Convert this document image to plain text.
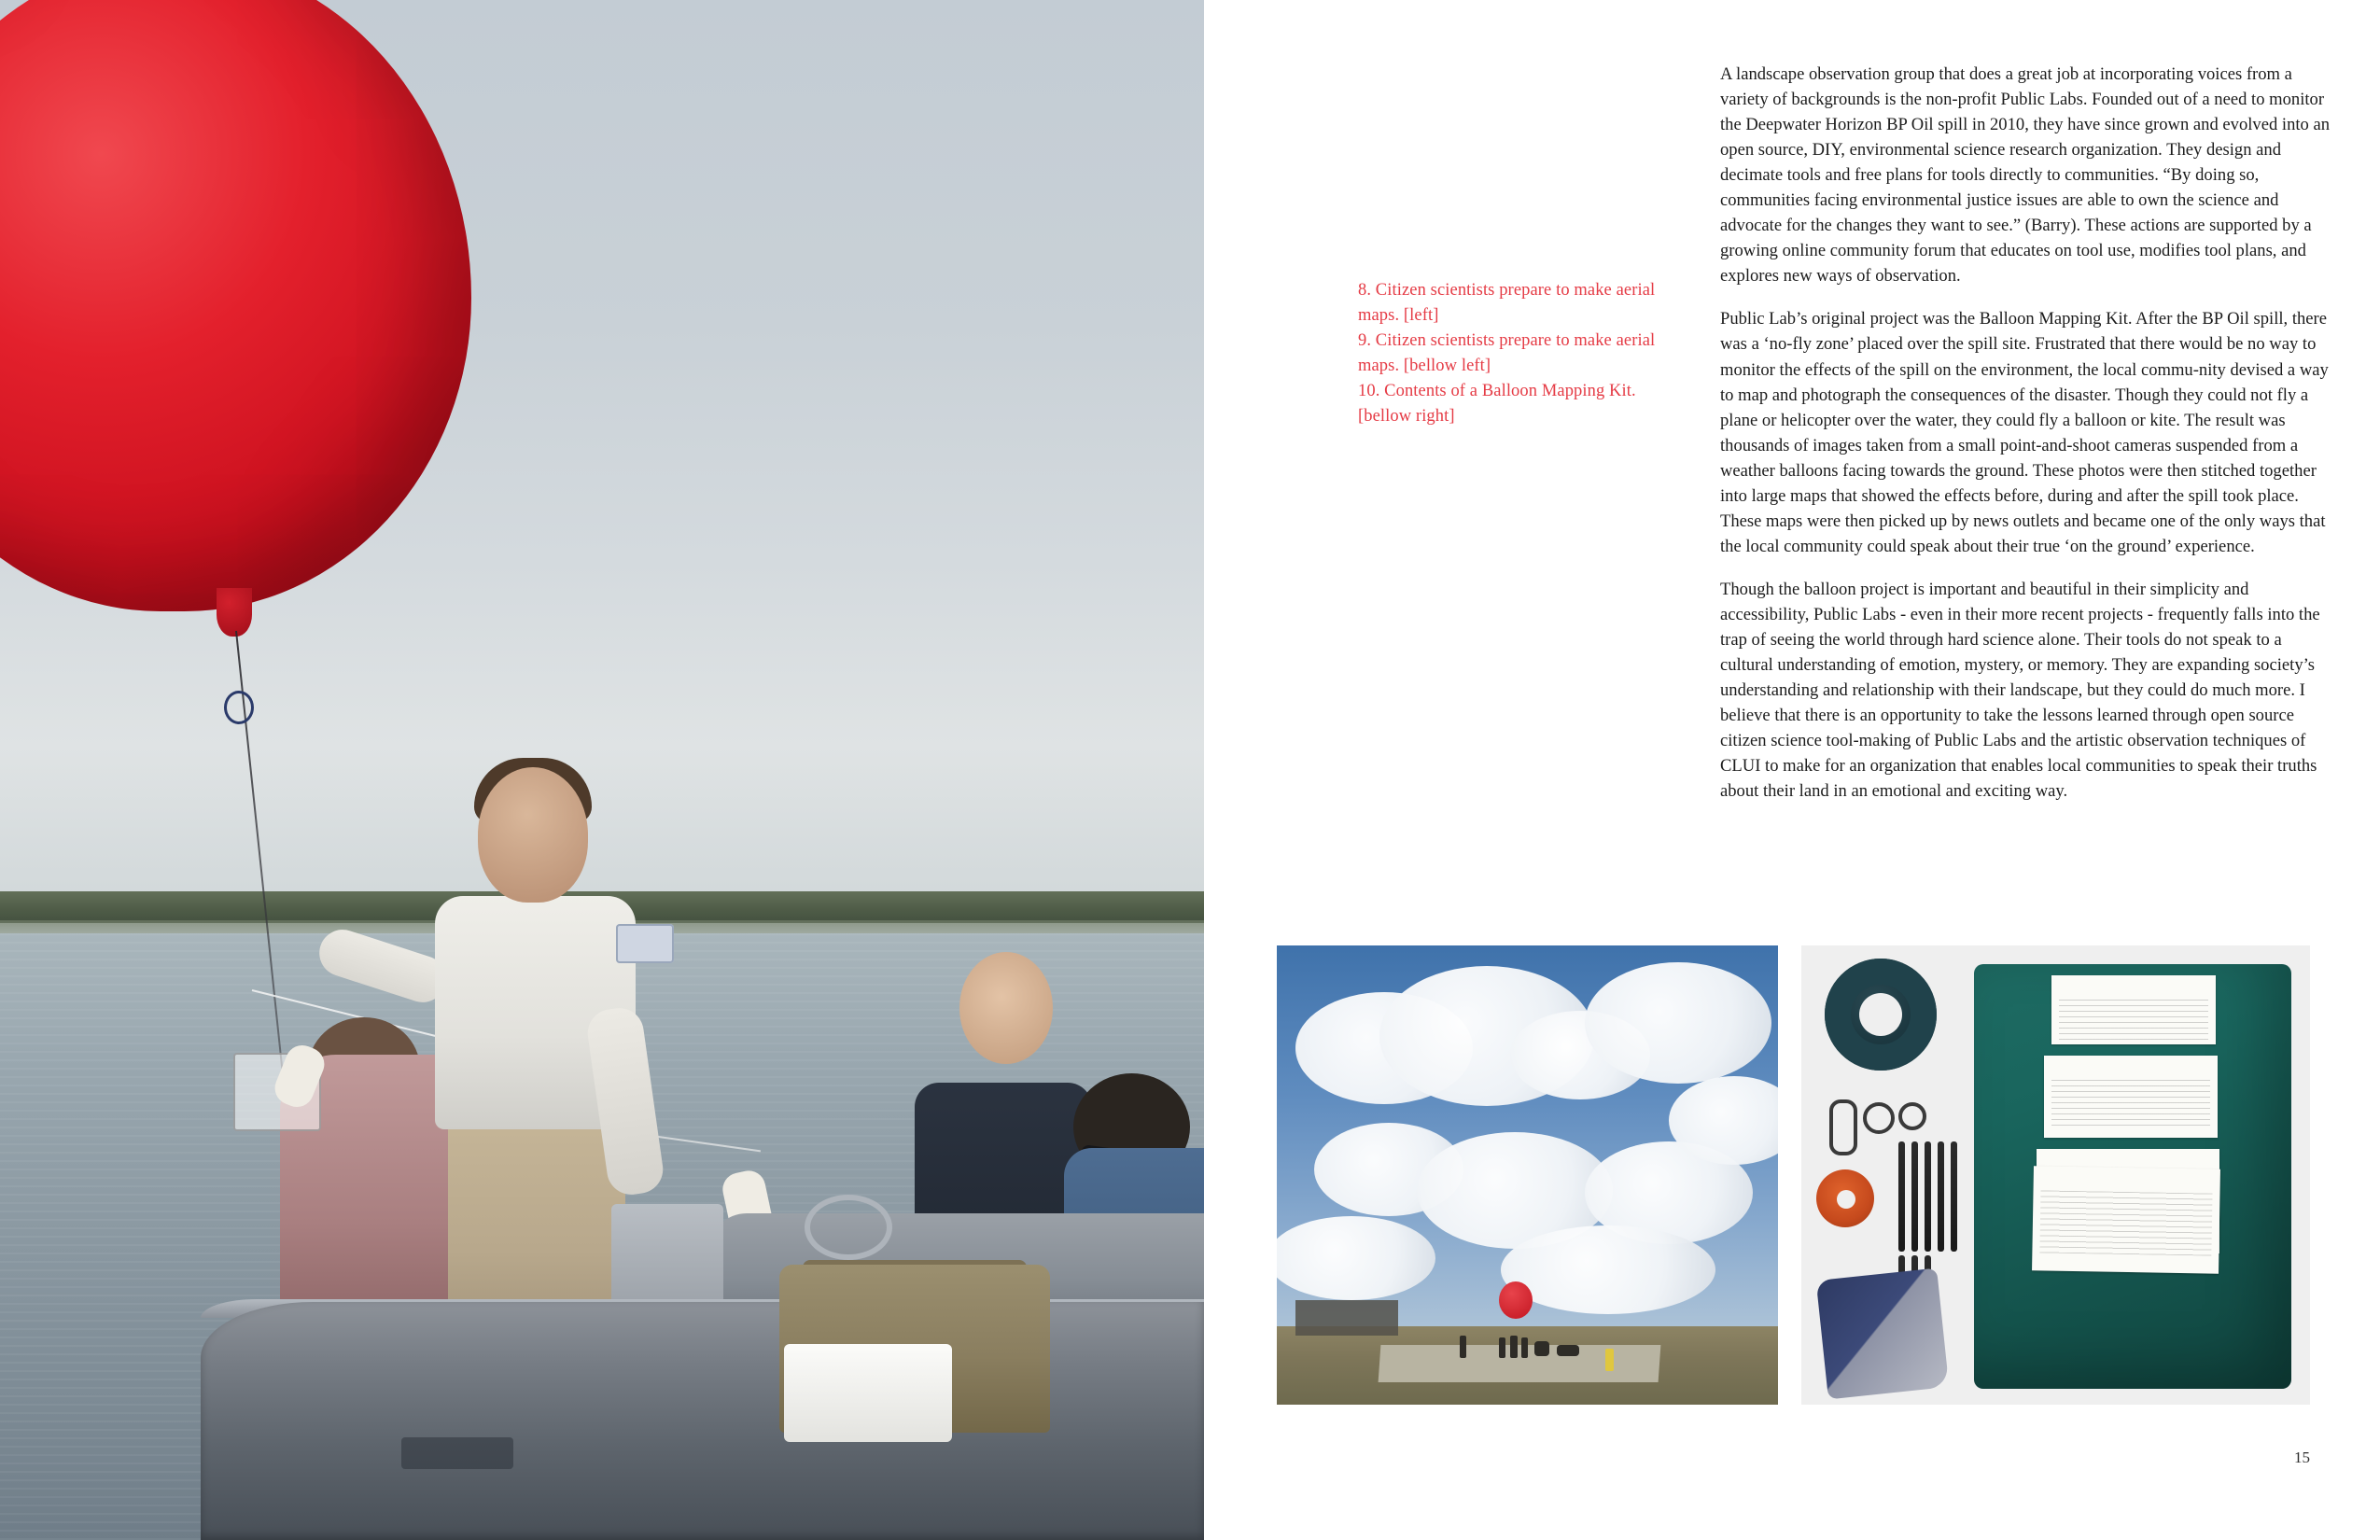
8. Citizen scientists prepare to make aerial maps. [left]

9. Citizen scientists prepare to make aerial maps. [bellow left]

10. Contents of a Balloon Mapping Kit. [bellow right]

A landscape observation group that does a great job at incorporating voices from a variety of backgrounds is the non-profit Public Labs. Founded out of a need to monitor the Deepwater Horizon BP Oil spill in 2010, they have since grown and evolved into an open source, DIY, environmental science research organization. They design and decimate tools and free plans for tools directly to communities. “By doing so, communities facing environmental justice issues are able to own the science and advocate for the changes they want to see.” (Barry). These actions are supported by a growing online community forum that educates on tool use, modifies tool plans, and explores new ways of observation.

Public Lab’s original project was the Balloon Mapping Kit. After the BP Oil spill, there was a ‘no-fly zone’ placed over the spill site. Frustrated that there would be no way to monitor the effects of the spill on the environment, the local commu-nity devised a way to map and photograph the consequences of the disaster. Though they could not fly a plane or helicopter over the water, they could fly a balloon or kite. The result was thousands of images taken from a small point-and-shoot cameras suspended from a weather balloons facing towards the ground. These photos were then stitched together into large maps that showed the effects before, during and after the spill took place. These maps were then picked up by news outlets and became one of the only ways that the local community could speak about their true ‘on the ground’ experience.

Though the balloon project is important and beautiful in their simplicity and accessibility, Public Labs - even in their more recent projects - frequently falls into the trap of seeing the world through hard science alone. Their tools do not speak to a cultural understanding of emotion, mystery, or memory. They are expanding society’s understanding and relationship with their landscape, but they could do much more. I believe that there is an opportunity to take the lessons learned through open source citizen science tool-making of Public Labs and the artistic observation techniques of CLUI to make for an organization that enables local communities to speak their truths about their land in an emotional and exciting way.

15
